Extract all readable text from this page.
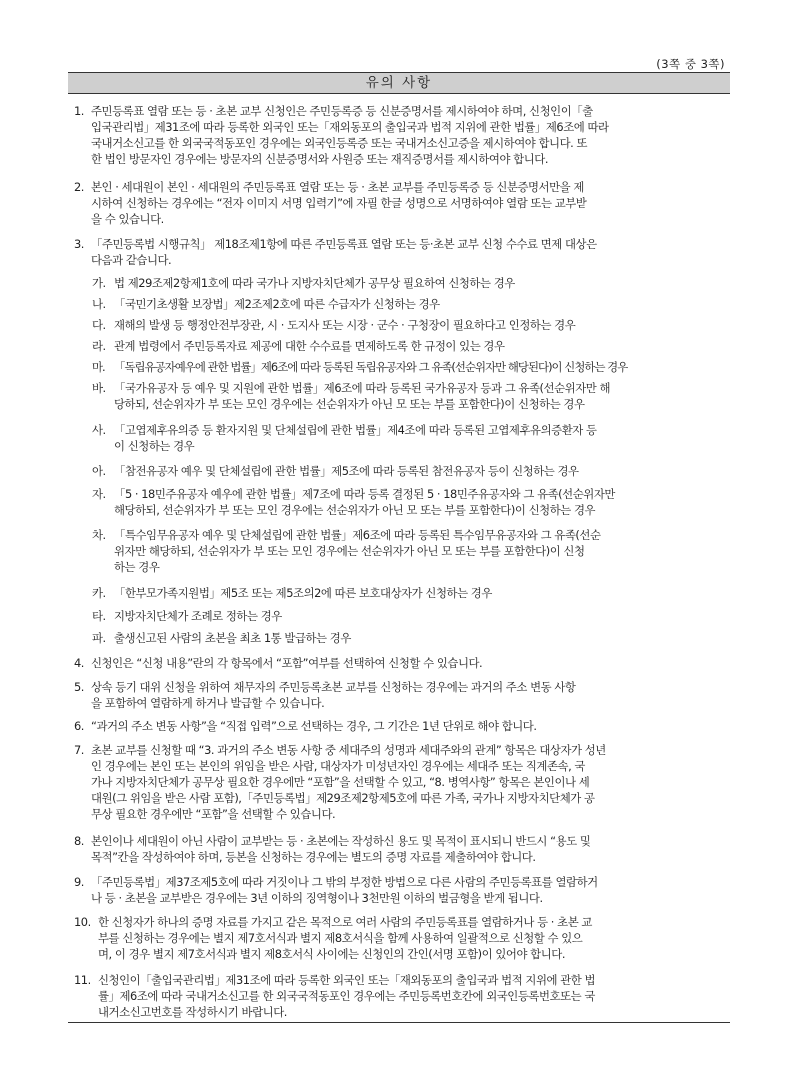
(3쪽 중 3쪽)
유의 사항
1. 주민등록표 열람 또는 등 · 초본 교부 신청인은 주민등록증 등 신분증명서를 제시하여야 하며, 신청인이「출
입국관리법」제31조에 따라 등록한 외국인 또는「재외동포의 출입국과 법적 지위에 관한 법률」제6조에 따라
국내거소신고를 한 외국국적동포인 경우에는 외국인등록증 또는 국내거소신고증을 제시하여야 합니다. 또
한 법인 방문자인 경우에는 방문자의 신분증명서와 사원증 또는 재직증명서를 제시하여야 합니다.
2. 본인 · 세대원이 본인 · 세대원의 주민등록표 열람 또는 등 · 초본 교부를 주민등록증 등 신분증명서만을 제
시하여 신청하는 경우에는 “전자 이미지 서명 입력기”에 자필 한글 성명으로 서명하여야 열람 또는 교부받
을 수 있습니다.
3. 「주민등록법 시행규칙」 제18조제1항에 따른 주민등록표 열람 또는 등·초본 교부 신청 수수료 면제 대상은
다음과 같습니다.
가. 법 제29조제2항제1호에 따라 국가나 지방자치단체가 공무상 필요하여 신청하는 경우
나. 「국민기초생활 보장법」제2조제2호에 따른 수급자가 신청하는 경우
다. 재해의 발생 등 행정안전부장관, 시 · 도지사 또는 시장 · 군수 · 구청장이 필요하다고 인정하는 경우
라. 관계 법령에서 주민등록자료 제공에 대한 수수료를 면제하도록 한 규정이 있는 경우
마. 「독립유공자예우에 관한 법률」제6조에 따라 등록된 독립유공자와 그 유족(선순위자만 해당된다)이 신청하는 경우
바. 「국가유공자 등 예우 및 지원에 관한 법률」제6조에 따라 등록된 국가유공자 등과 그 유족(선순위자만 해
당하되, 선순위자가 부 또는 모인 경우에는 선순위자가 아닌 모 또는 부를 포함한다)이 신청하는 경우
사. 「고엽제후유의증 등 환자지원 및 단체설립에 관한 법률」제4조에 따라 등록된 고엽제후유의증환자 등
이 신청하는 경우
아. 「참전유공자 예우 및 단체설립에 관한 법률」제5조에 따라 등록된 참전유공자 등이 신청하는 경우
자. 「5 · 18민주유공자 예우에 관한 법률」제7조에 따라 등록 결정된 5 · 18민주유공자와 그 유족(선순위자만
해당하되, 선순위자가 부 또는 모인 경우에는 선순위자가 아닌 모 또는 부를 포함한다)이 신청하는 경우
차. 「특수임무유공자 예우 및 단체설립에 관한 법률」제6조에 따라 등록된 특수임무유공자와 그 유족(선순
위자만 해당하되, 선순위자가 부 또는 모인 경우에는 선순위자가 아닌 모 또는 부를 포함한다)이 신청
하는 경우
카. 「한부모가족지원법」제5조 또는 제5조의2에 따른 보호대상자가 신청하는 경우
타. 지방자치단체가 조례로 정하는 경우
파. 출생신고된 사람의 초본을 최초 1통 발급하는 경우
4. 신청인은 “신청 내용”란의 각 항목에서 “포함”여부를 선택하여 신청할 수 있습니다.
5. 상속 등기 대위 신청을 위하여 채무자의 주민등록초본 교부를 신청하는 경우에는 과거의 주소 변동 사항
을 포함하여 열람하게 하거나 발급할 수 있습니다.
6. “과거의 주소 변동 사항”을 “직접 입력”으로 선택하는 경우, 그 기간은 1년 단위로 해야 합니다.
7. 초본 교부를 신청할 때 “3. 과거의 주소 변동 사항 중 세대주의 성명과 세대주와의 관계” 항목은 대상자가 성년
인 경우에는 본인 또는 본인의 위임을 받은 사람, 대상자가 미성년자인 경우에는 세대주 또는 직계존속, 국
가나 지방자치단체가 공무상 필요한 경우에만 “포함”을 선택할 수 있고, “8. 병역사항” 항목은 본인이나 세
대원(그 위임을 받은 사람 포함),「주민등록법」제29조제2항제5호에 따른 가족, 국가나 지방자치단체가 공
무상 필요한 경우에만 “포함”을 선택할 수 있습니다.
8. 본인이나 세대원이 아닌 사람이 교부받는 등 · 초본에는 작성하신 용도 및 목적이 표시되니 반드시 “용도 및
목적”칸을 작성하여야 하며, 등본을 신청하는 경우에는 별도의 증명 자료를 제출하여야 합니다.
9. 「주민등록법」제37조제5호에 따라 거짓이나 그 밖의 부정한 방법으로 다른 사람의 주민등록표를 열람하거
나 등 · 초본을 교부받은 경우에는 3년 이하의 징역형이나 3천만원 이하의 벌금형을 받게 됩니다.
10. 한 신청자가 하나의 증명 자료를 가지고 같은 목적으로 여러 사람의 주민등록표를 열람하거나 등 · 초본 교
부를 신청하는 경우에는 별지 제7호서식과 별지 제8호서식을 함께 사용하여 일괄적으로 신청할 수 있으
며, 이 경우 별지 제7호서식과 별지 제8호서식 사이에는 신청인의 간인(서명 포함)이 있어야 합니다.
11. 신청인이「출입국관리법」제31조에 따라 등록한 외국인 또는「재외동포의 출입국과 법적 지위에 관한 법
률」제6조에 따라 국내거소신고를 한 외국국적동포인 경우에는 주민등록번호칸에 외국인등록번호또는 국
내거소신고번호를 작성하시기 바랍니다.
